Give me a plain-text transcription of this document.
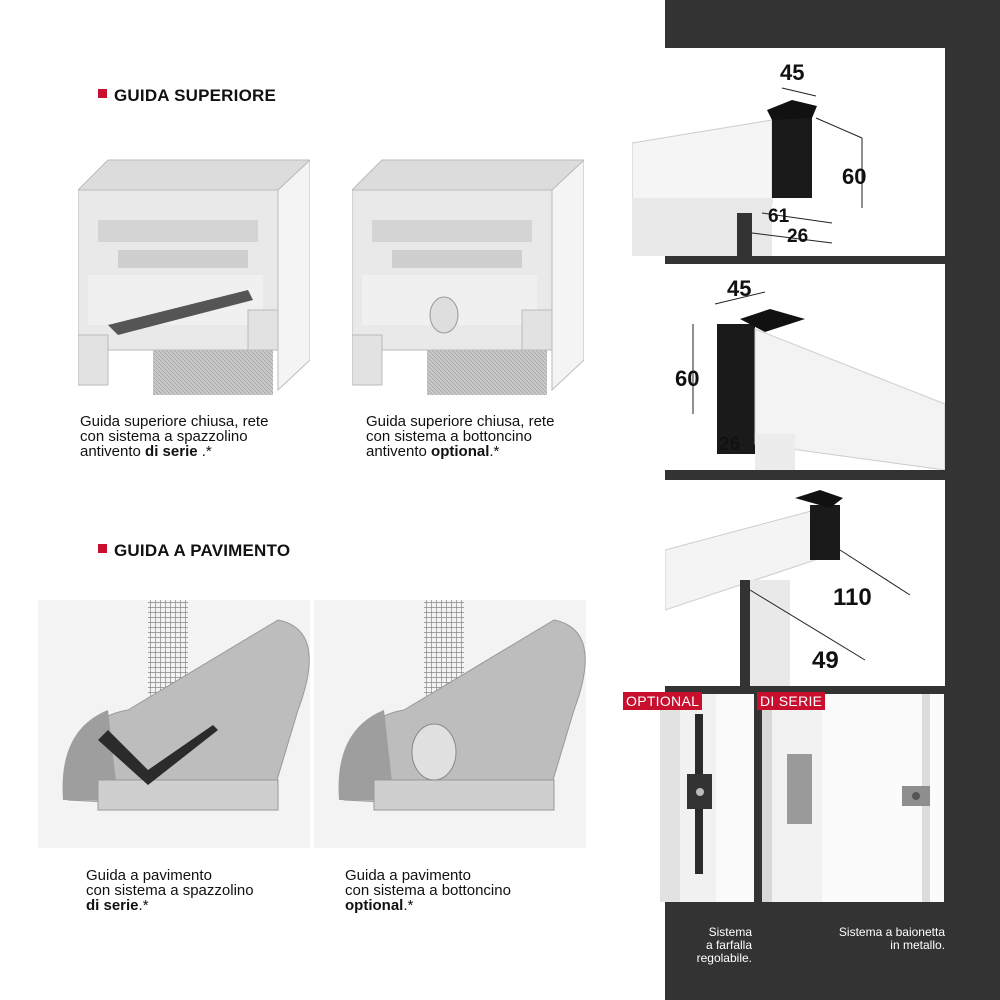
GUIDA SUPERIORE
Guida superiore chiusa, rete
con sistema a spazzolino
antivento di serie .*
Guida superiore chiusa, rete
con sistema a bottoncino
antivento optional.*
GUIDA A PAVIMENTO
Guida a pavimento
con sistema a spazzolino
di serie.*
Guida a pavimento
con sistema a bottoncino
optional.*
45
60
61
26
45
60
26
110
49
OPTIONAL	DI SERIE
Sistema
a farfalla
regolabile.
Sistema a baionetta
in metallo.
